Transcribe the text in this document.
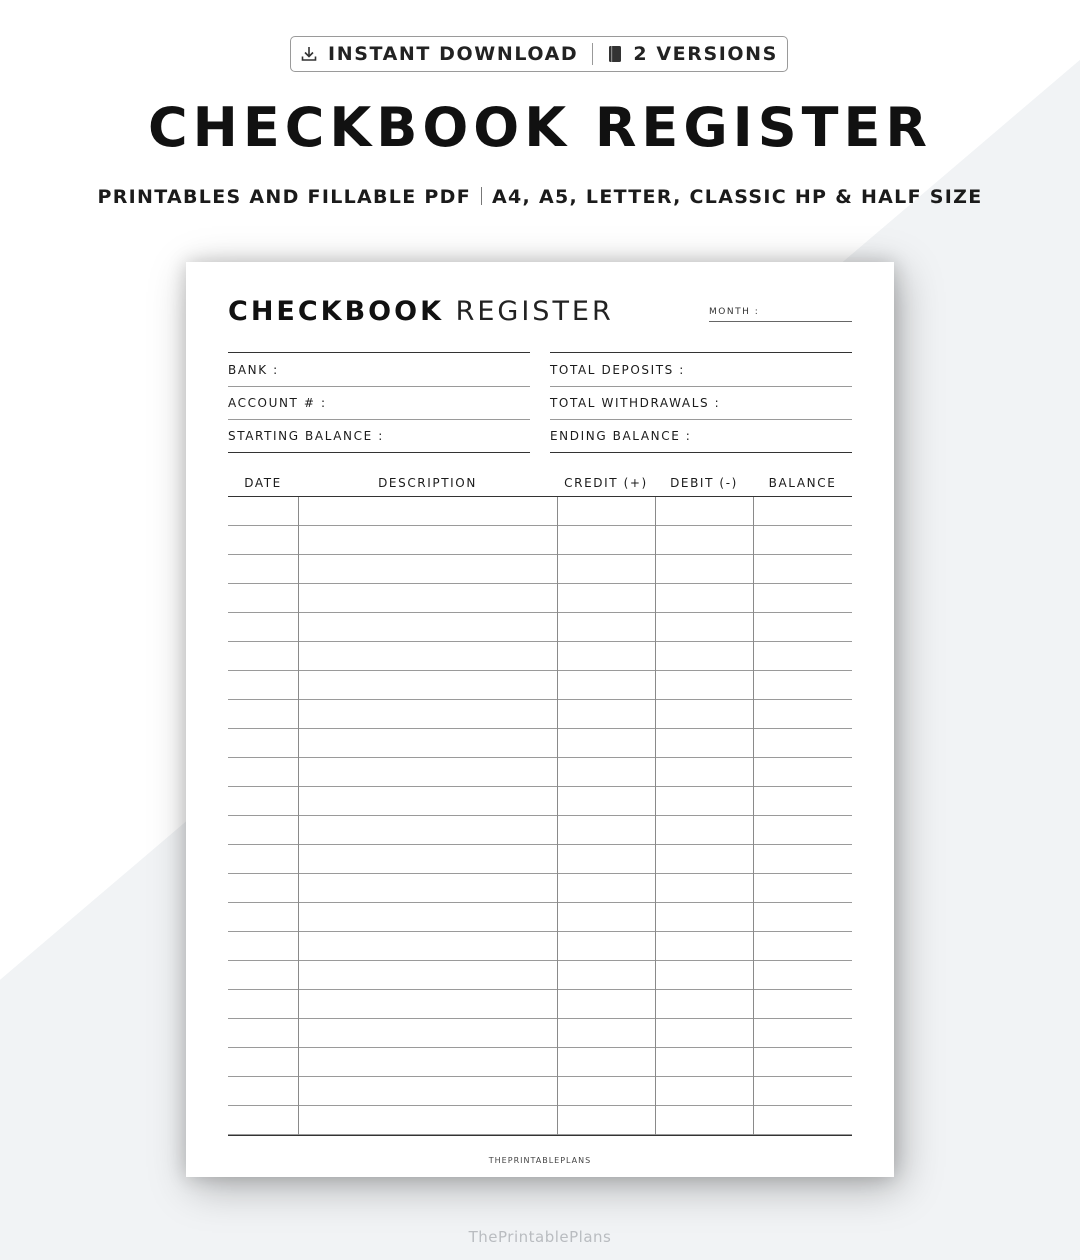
INSTANT DOWNLOAD	2 VERSIONS
CHECKBOOK REGISTER
PRINTABLES AND FILLABLE PDF A4, A5, LETTER, CLASSIC HP & HALF SIZE
CHECKBOOK REGISTER	MONTH :
BANK :
ACCOUNT # :
STARTING BALANCE :
TOTAL DEPOSITS :
TOTAL WITHDRAWALS :
ENDING BALANCE :
DATE	DESCRIPTION	CREDIT (+)	DEBIT (-)	BALANCE
THEPRINTABLEPLANS
ThePrintablePlans
